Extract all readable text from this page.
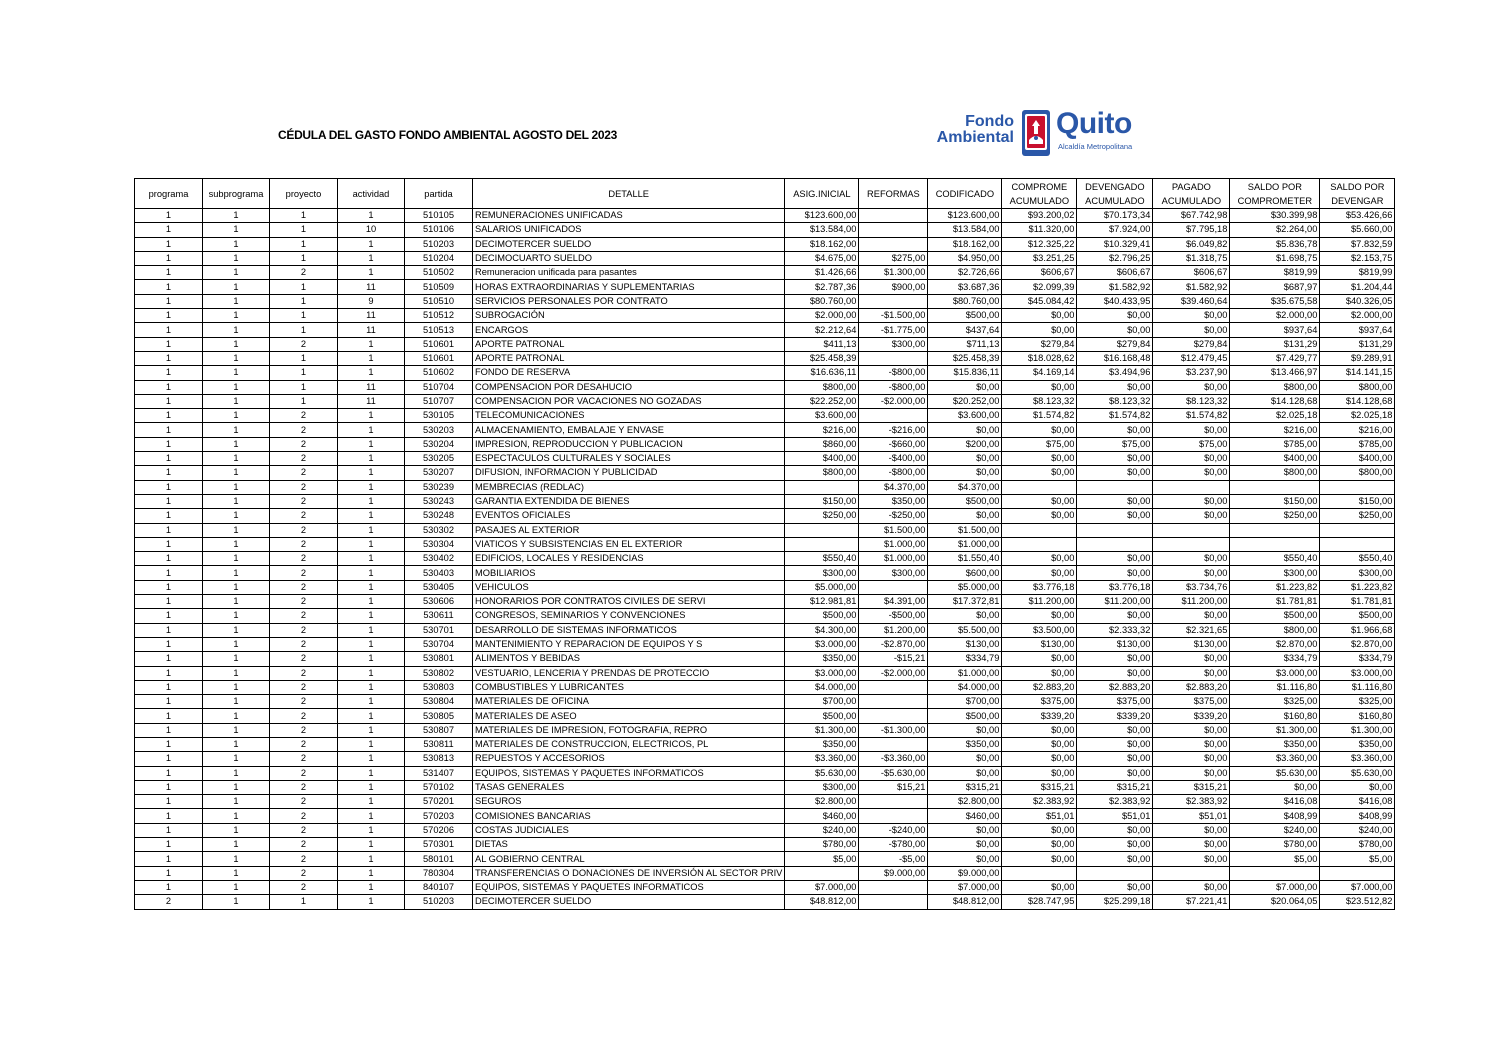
CÉDULA DEL GASTO FONDO AMBIENTAL AGOSTO DEL 2023
Fondo
Ambiental Quito
Alcaldía Metropolitana
programa	subprograma	proyecto	actividad	partida	DETALLE	ASIG.INICIAL	REFORMAS	CODIFICADO	COMPROME ACUMULADO	DEVENGADO ACUMULADO	PAGADO ACUMULADO	SALDO POR COMPROMETER	SALDO POR DEVENGAR
1	1	1	1	510105	REMUNERACIONES UNIFICADAS	$123.600,00		$123.600,00	$93.200,02	$70.173,34	$67.742,98	$30.399,98	$53.426,66
1	1	1	10	510106	SALARIOS UNIFICADOS	$13.584,00		$13.584,00	$11.320,00	$7.924,00	$7.795,18	$2.264,00	$5.660,00
1	1	1	1	510203	DECIMOTERCER SUELDO	$18.162,00		$18.162,00	$12.325,22	$10.329,41	$6.049,82	$5.836,78	$7.832,59
1	1	1	1	510204	DECIMOCUARTO SUELDO	$4.675,00	$275,00	$4.950,00	$3.251,25	$2.796,25	$1.318,75	$1.698,75	$2.153,75
1	1	2	1	510502	Remuneracion unificada para pasantes	$1.426,66	$1.300,00	$2.726,66	$606,67	$606,67	$606,67	$819,99	$819,99
1	1	1	11	510509	HORAS EXTRAORDINARIAS Y SUPLEMENTARIAS	$2.787,36	$900,00	$3.687,36	$2.099,39	$1.582,92	$1.582,92	$687,97	$1.204,44
1	1	1	9	510510	SERVICIOS PERSONALES POR CONTRATO	$80.760,00		$80.760,00	$45.084,42	$40.433,95	$39.460,64	$35.675,58	$40.326,05
1	1	1	11	510512	SUBROGACIÓN	$2.000,00	-$1.500,00	$500,00	$0,00	$0,00	$0,00	$2.000,00	$2.000,00
1	1	1	11	510513	ENCARGOS	$2.212,64	-$1.775,00	$437,64	$0,00	$0,00	$0,00	$937,64	$937,64
1	1	2	1	510601	APORTE PATRONAL	$411,13	$300,00	$711,13	$279,84	$279,84	$279,84	$131,29	$131,29
1	1	1	1	510601	APORTE PATRONAL	$25.458,39		$25.458,39	$18.028,62	$16.168,48	$12.479,45	$7.429,77	$9.289,91
1	1	1	1	510602	FONDO DE RESERVA	$16.636,11	-$800,00	$15.836,11	$4.169,14	$3.494,96	$3.237,90	$13.466,97	$14.141,15
1	1	1	11	510704	COMPENSACION POR DESAHUCIO	$800,00	-$800,00	$0,00	$0,00	$0,00	$0,00	$800,00	$800,00
1	1	1	11	510707	COMPENSACION POR VACACIONES NO GOZADAS	$22.252,00	-$2.000,00	$20.252,00	$8.123,32	$8.123,32	$8.123,32	$14.128,68	$14.128,68
1	1	2	1	530105	TELECOMUNICACIONES	$3.600,00		$3.600,00	$1.574,82	$1.574,82	$1.574,82	$2.025,18	$2.025,18
1	1	2	1	530203	ALMACENAMIENTO, EMBALAJE Y ENVASE	$216,00	-$216,00	$0,00	$0,00	$0,00	$0,00	$216,00	$216,00
1	1	2	1	530204	IMPRESION, REPRODUCCION Y PUBLICACION	$860,00	-$660,00	$200,00	$75,00	$75,00	$75,00	$785,00	$785,00
1	1	2	1	530205	ESPECTACULOS CULTURALES Y SOCIALES	$400,00	-$400,00	$0,00	$0,00	$0,00	$0,00	$400,00	$400,00
1	1	2	1	530207	DIFUSION, INFORMACION Y PUBLICIDAD	$800,00	-$800,00	$0,00	$0,00	$0,00	$0,00	$800,00	$800,00
1	1	2	1	530239	MEMBRECIAS (REDLAC)		$4.370,00	$4.370,00					
1	1	2	1	530243	GARANTIA EXTENDIDA DE BIENES	$150,00	$350,00	$500,00	$0,00	$0,00	$0,00	$150,00	$150,00
1	1	2	1	530248	EVENTOS OFICIALES	$250,00	-$250,00	$0,00	$0,00	$0,00	$0,00	$250,00	$250,00
1	1	2	1	530302	PASAJES AL EXTERIOR		$1.500,00	$1.500,00					
1	1	2	1	530304	VIATICOS Y SUBSISTENCIAS EN EL EXTERIOR		$1.000,00	$1.000,00					
1	1	2	1	530402	EDIFICIOS, LOCALES Y RESIDENCIAS	$550,40	$1.000,00	$1.550,40	$0,00	$0,00	$0,00	$550,40	$550,40
1	1	2	1	530403	MOBILIARIOS	$300,00	$300,00	$600,00	$0,00	$0,00	$0,00	$300,00	$300,00
1	1	2	1	530405	VEHICULOS	$5.000,00		$5.000,00	$3.776,18	$3.776,18	$3.734,76	$1.223,82	$1.223,82
1	1	2	1	530606	HONORARIOS POR CONTRATOS CIVILES DE SERVI	$12.981,81	$4.391,00	$17.372,81	$11.200,00	$11.200,00	$11.200,00	$1.781,81	$1.781,81
1	1	2	1	530611	CONGRESOS, SEMINARIOS Y CONVENCIONES	$500,00	-$500,00	$0,00	$0,00	$0,00	$0,00	$500,00	$500,00
1	1	2	1	530701	DESARROLLO DE SISTEMAS INFORMATICOS	$4.300,00	$1.200,00	$5.500,00	$3.500,00	$2.333,32	$2.321,65	$800,00	$1.966,68
1	1	2	1	530704	MANTENIMIENTO Y REPARACION DE EQUIPOS Y S	$3.000,00	-$2.870,00	$130,00	$130,00	$130,00	$130,00	$2.870,00	$2.870,00
1	1	2	1	530801	ALIMENTOS Y BEBIDAS	$350,00	-$15,21	$334,79	$0,00	$0,00	$0,00	$334,79	$334,79
1	1	2	1	530802	VESTUARIO, LENCERIA Y PRENDAS DE PROTECCIO	$3.000,00	-$2.000,00	$1.000,00	$0,00	$0,00	$0,00	$3.000,00	$3.000,00
1	1	2	1	530803	COMBUSTIBLES Y LUBRICANTES	$4.000,00		$4.000,00	$2.883,20	$2.883,20	$2.883,20	$1.116,80	$1.116,80
1	1	2	1	530804	MATERIALES DE OFICINA	$700,00		$700,00	$375,00	$375,00	$375,00	$325,00	$325,00
1	1	2	1	530805	MATERIALES DE ASEO	$500,00		$500,00	$339,20	$339,20	$339,20	$160,80	$160,80
1	1	2	1	530807	MATERIALES DE IMPRESION, FOTOGRAFIA, REPRO	$1.300,00	-$1.300,00	$0,00	$0,00	$0,00	$0,00	$1.300,00	$1.300,00
1	1	2	1	530811	MATERIALES DE CONSTRUCCION, ELECTRICOS, PL	$350,00		$350,00	$0,00	$0,00	$0,00	$350,00	$350,00
1	1	2	1	530813	REPUESTOS Y ACCESORIOS	$3.360,00	-$3.360,00	$0,00	$0,00	$0,00	$0,00	$3.360,00	$3.360,00
1	1	2	1	531407	EQUIPOS, SISTEMAS Y PAQUETES INFORMATICOS	$5.630,00	-$5.630,00	$0,00	$0,00	$0,00	$0,00	$5.630,00	$5.630,00
1	1	2	1	570102	TASAS GENERALES	$300,00	$15,21	$315,21	$315,21	$315,21	$315,21	$0,00	$0,00
1	1	2	1	570201	SEGUROS	$2.800,00		$2.800,00	$2.383,92	$2.383,92	$2.383,92	$416,08	$416,08
1	1	2	1	570203	COMISIONES BANCARIAS	$460,00		$460,00	$51,01	$51,01	$51,01	$408,99	$408,99
1	1	2	1	570206	COSTAS JUDICIALES	$240,00	-$240,00	$0,00	$0,00	$0,00	$0,00	$240,00	$240,00
1	1	2	1	570301	DIETAS	$780,00	-$780,00	$0,00	$0,00	$0,00	$0,00	$780,00	$780,00
1	1	2	1	580101	AL GOBIERNO CENTRAL	$5,00	-$5,00	$0,00	$0,00	$0,00	$0,00	$5,00	$5,00
1	1	2	1	780304	TRANSFERENCIAS O DONACIONES DE INVERSIÓN AL SECTOR PRIV		$9.000,00	$9.000,00					
1	1	2	1	840107	EQUIPOS, SISTEMAS Y PAQUETES INFORMATICOS	$7.000,00		$7.000,00	$0,00	$0,00	$0,00	$7.000,00	$7.000,00
2	1	1	1	510203	DECIMOTERCER SUELDO	$48.812,00		$48.812,00	$28.747,95	$25.299,18	$7.221,41	$20.064,05	$23.512,82
